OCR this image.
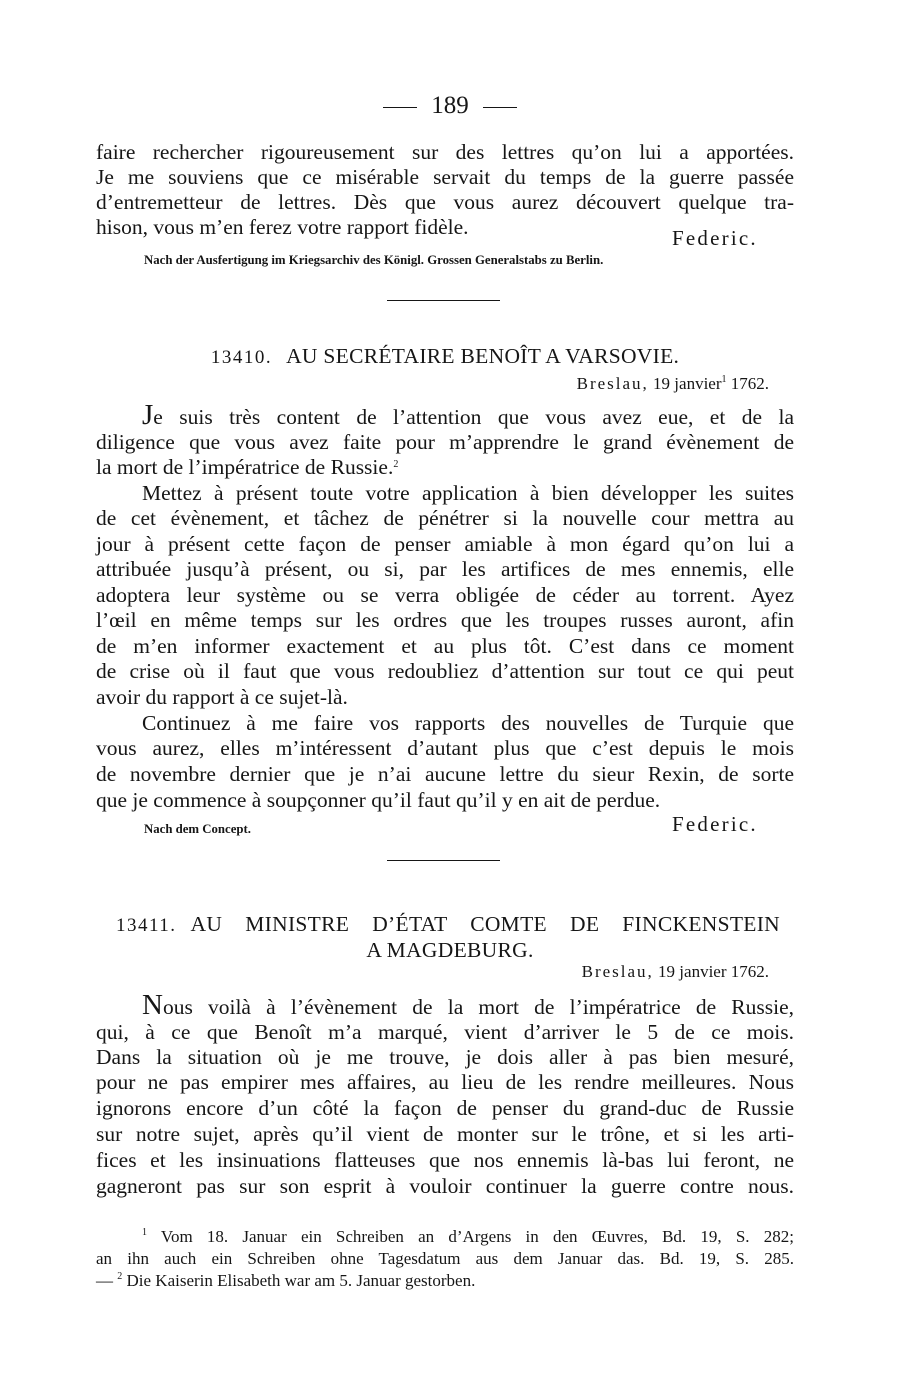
189

faire rechercher rigoureusement sur des lettres qu’on lui a apportées.

Je me souviens que ce misérable servait du temps de la guerre passée

d’entremetteur de lettres. Dès que vous aurez découvert quelque tra-

hison, vous m’en ferez votre rapport fidèle.	Federic.

Nach der Ausfertigung im Kriegsarchiv des Königl. Grossen Generalstabs zu Berlin.

13410. AU SECRÉTAIRE BENOÎT A VARSOVIE.

Breslau, 19 janvier$^1$ 1762.

Je suis très content de l’attention que vous avez eue, et de la

diligence que vous avez faite pour m’apprendre le grand évènement de

la mort de l’impératrice de Russie.$^2$

Mettez à présent toute votre application à bien développer les suites

de cet évènement, et tâchez de pénétrer si la nouvelle cour mettra au

jour à présent cette façon de penser amiable à mon égard qu’on lui a

attribuée jusqu’à présent, ou si, par les artifices de mes ennemis, elle

adoptera leur système ou se verra obligée de céder au torrent. Ayez

l’œil en même temps sur les ordres que les troupes russes auront, afin

de m’en informer exactement et au plus tôt. C’est dans ce moment

de crise où il faut que vous redoubliez d’attention sur tout ce qui peut

avoir du rapport à ce sujet-là.

Continuez à me faire vos rapports des nouvelles de Turquie que

vous aurez, elles m’intéressent d’autant plus que c’est depuis le mois

de novembre dernier que je n’ai aucune lettre du sieur Rexin, de sorte

que je commence à soupçonner qu’il faut qu’il y en ait de perdue.

Nach dem Concept.	Federic.

13411. AU MINISTRE D’ÉTAT COMTE DE FINCKENSTEIN
A MAGDEBURG.

Breslau, 19 janvier 1762.

Nous voilà à l’évènement de la mort de l’impératrice de Russie,

qui, à ce que Benoît m’a marqué, vient d’arriver le 5 de ce mois.

Dans la situation où je me trouve, je dois aller à pas bien mesuré,

pour ne pas empirer mes affaires, au lieu de les rendre meilleures. Nous

ignorons encore d’un côté la façon de penser du grand-duc de Russie

sur notre sujet, après qu’il vient de monter sur le trône, et si les arti-

fices et les insinuations flatteuses que nos ennemis là-bas lui feront, ne

gagneront pas sur son esprit à vouloir continuer la guerre contre nous.

$^1$ Vom 18. Januar ein Schreiben an d’Argens in den Œuvres, Bd. 19, S. 282;

an ihn auch ein Schreiben ohne Tagesdatum aus dem Januar das. Bd. 19, S. 285.

— $^2$ Die Kaiserin Elisabeth war am 5. Januar gestorben.
